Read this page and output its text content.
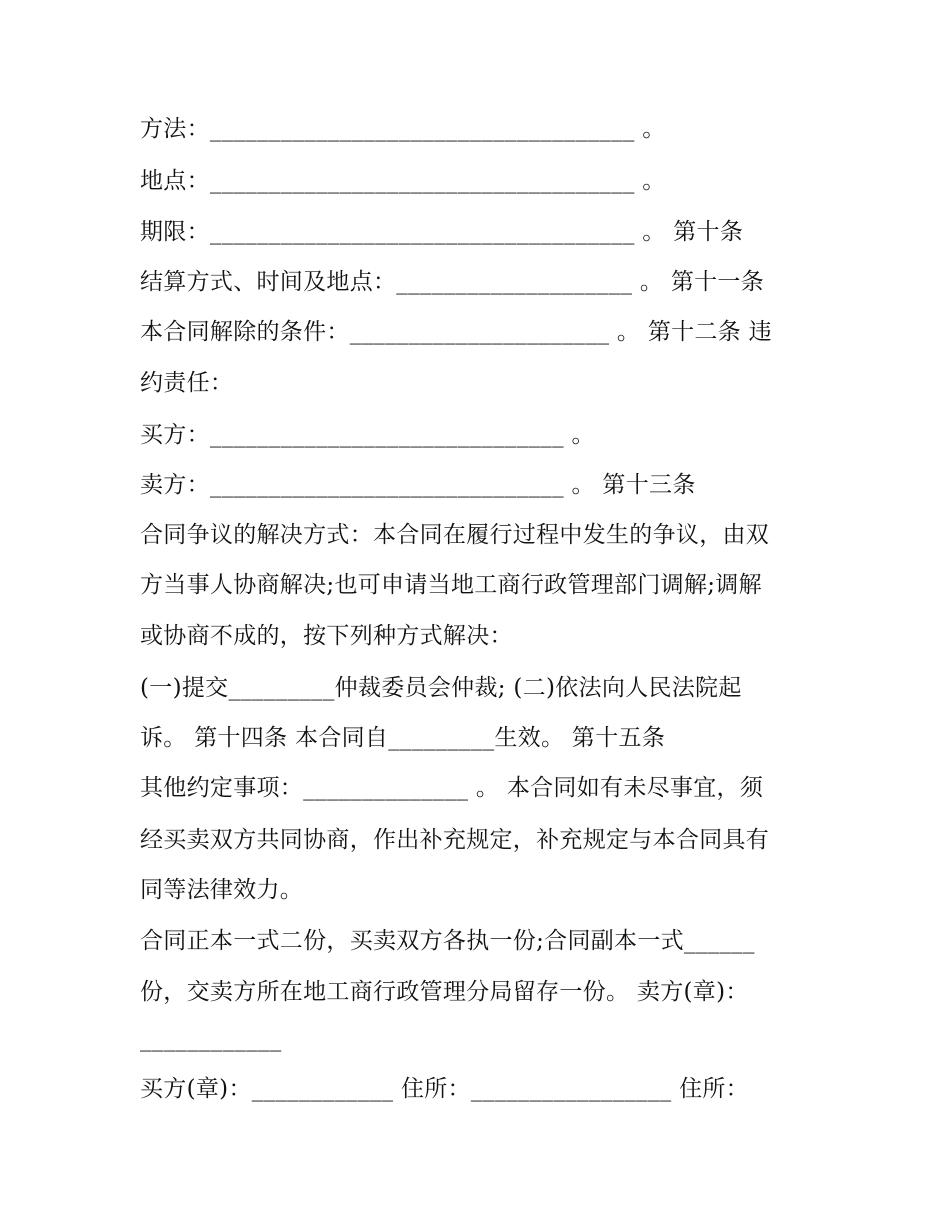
方法：____________________________________ 。
地点：____________________________________ 。
期限：____________________________________ 。 第十条
结算方式、时间及地点：____________________ 。 第十一条
本合同解除的条件：______________________ 。 第十二条 违
约责任：
买方：______________________________ 。
卖方：______________________________ 。 第十三条
合同争议的解决方式：本合同在履行过程中发生的争议，由双
方当事人协商解决;也可申请当地工商行政管理部门调解;调解
或协商不成的，按下列种方式解决：
(一)提交_________仲裁委员会仲裁; (二)依法向人民法院起
诉。 第十四条 本合同自_________生效。 第十五条
其他约定事项：______________ 。 本合同如有未尽事宜，须
经买卖双方共同协商，作出补充规定，补充规定与本合同具有
同等法律效力。
合同正本一式二份，买卖双方各执一份;合同副本一式______
份，交卖方所在地工商行政管理分局留存一份。 卖方(章)：
____________
买方(章)：____________ 住所：_________________ 住所：
